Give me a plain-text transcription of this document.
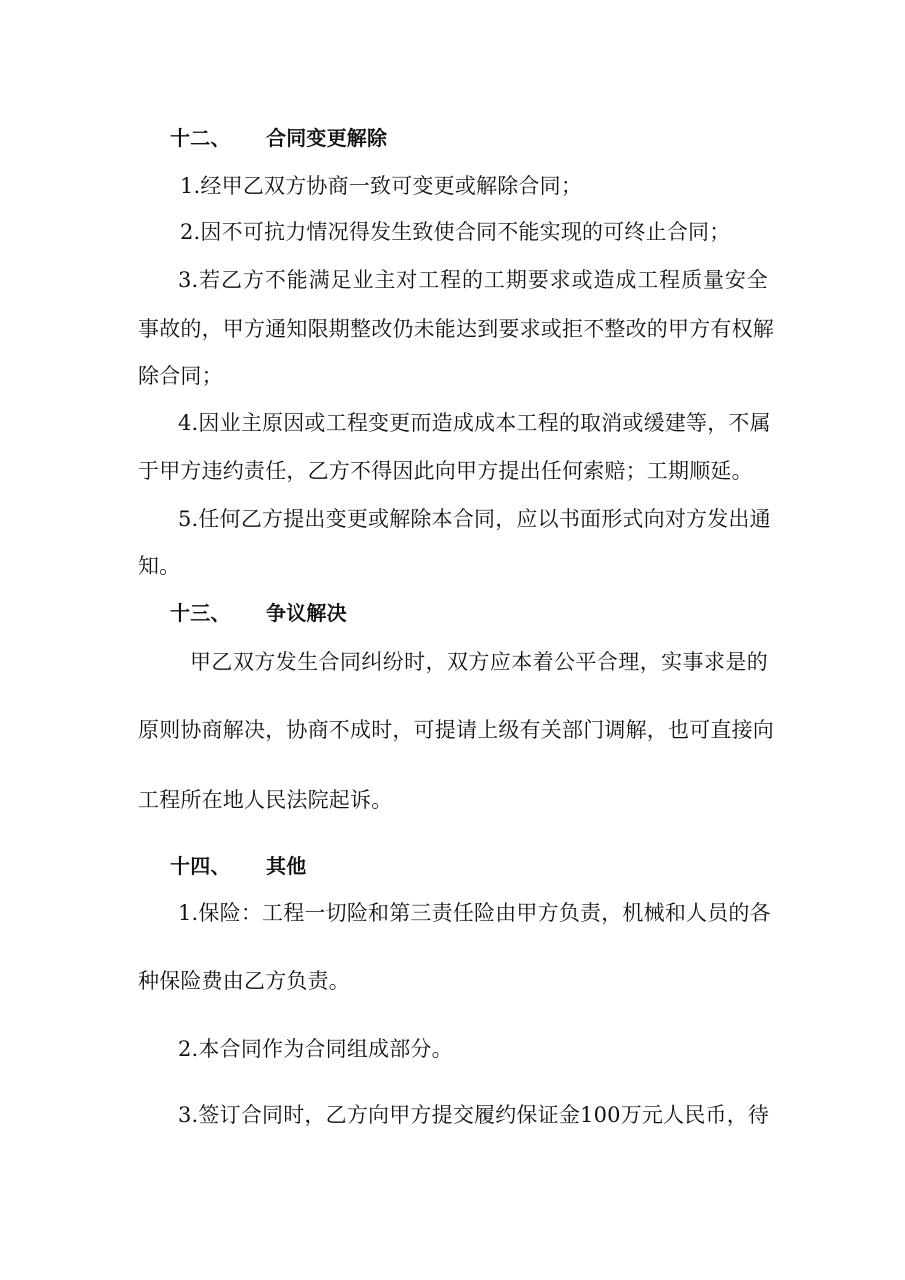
十二、 合同变更解除
1.经甲乙双方协商一致可变更或解除合同；
2.因不可抗力情况得发生致使合同不能实现的可终止合同；
3.若乙方不能满足业主对工程的工期要求或造成工程质量安全
事故的，甲方通知限期整改仍未能达到要求或拒不整改的甲方有权解
除合同；
4.因业主原因或工程变更而造成成本工程的取消或缓建等，不属
于甲方违约责任，乙方不得因此向甲方提出任何索赔；工期顺延。
5.任何乙方提出变更或解除本合同，应以书面形式向对方发出通
知。
十三、 争议解决
甲乙双方发生合同纠纷时，双方应本着公平合理，实事求是的
原则协商解决，协商不成时，可提请上级有关部门调解，也可直接向
工程所在地人民法院起诉。
十四、 其他
1.保险：工程一切险和第三责任险由甲方负责，机械和人员的各
种保险费由乙方负责。
2.本合同作为合同组成部分。
3.签订合同时，乙方向甲方提交履约保证金100万元人民币，待
